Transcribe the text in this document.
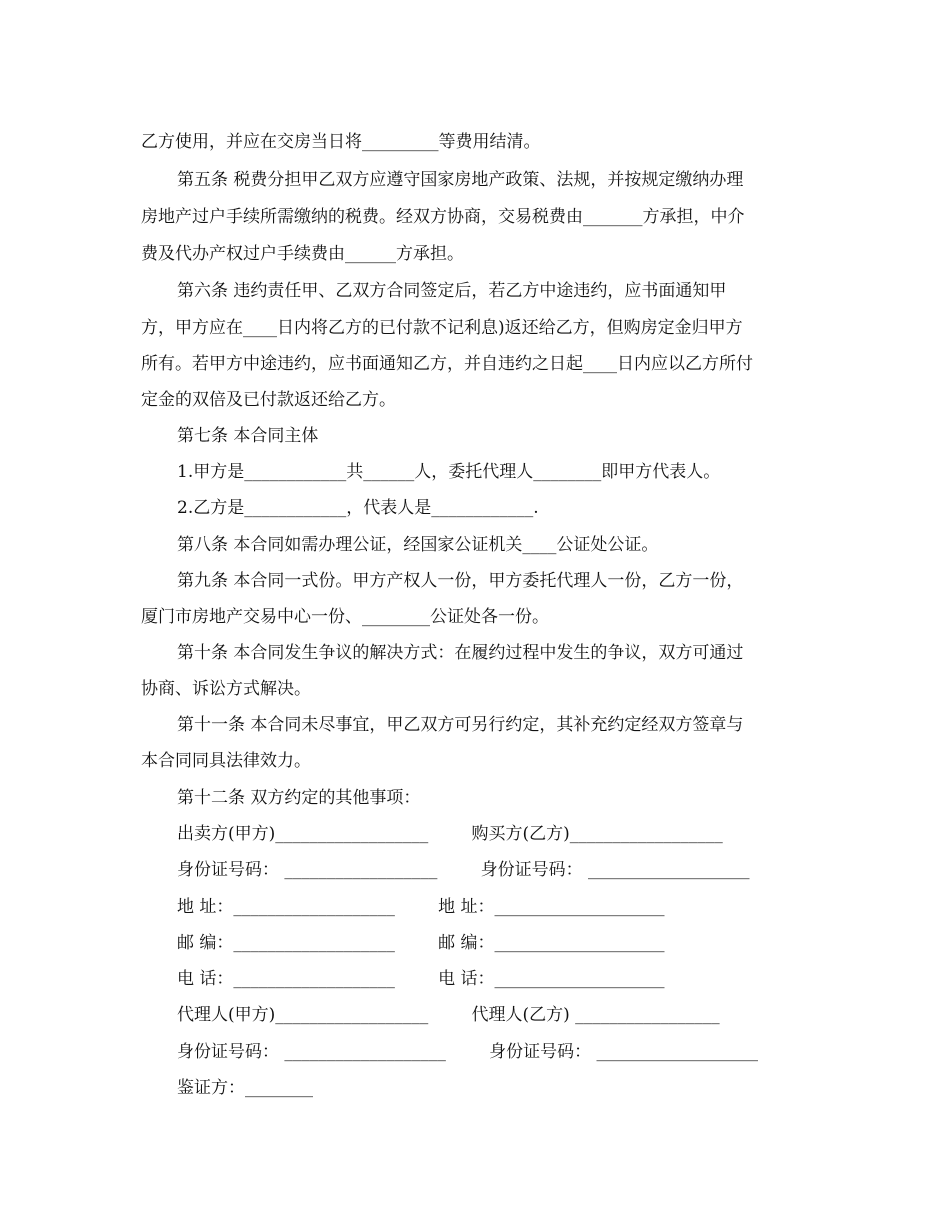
乙方使用，并应在交房当日将_________等费用结清。
第五条 税费分担甲乙双方应遵守国家房地产政策、法规，并按规定缴纳办理
房地产过户手续所需缴纳的税费。经双方协商，交易税费由_______方承担，中介
费及代办产权过户手续费由______方承担。
第六条 违约责任甲、乙双方合同签定后，若乙方中途违约，应书面通知甲
方，甲方应在____日内将乙方的已付款不记利息)返还给乙方，但购房定金归甲方
所有。若甲方中途违约，应书面通知乙方，并自违约之日起____日内应以乙方所付
定金的双倍及已付款返还给乙方。
第七条 本合同主体
1.甲方是____________共______人，委托代理人________即甲方代表人。
2.乙方是____________，代表人是____________.
第八条 本合同如需办理公证，经国家公证机关____公证处公证。
第九条 本合同一式份。甲方产权人一份，甲方委托代理人一份，乙方一份，
厦门市房地产交易中心一份、________公证处各一份。
第十条 本合同发生争议的解决方式：在履约过程中发生的争议，双方可通过
协商、诉讼方式解决。
第十一条 本合同未尽事宜，甲乙双方可另行约定，其补充约定经双方签章与
本合同同具法律效力。
第十二条 双方约定的其他事项：
出卖方(甲方)__________________        购买方(乙方)__________________
身份证号码： __________________        身份证号码： ___________________
地 址：___________________        地 址：____________________
邮 编：___________________        邮 编：____________________
电 话：___________________        电 话：____________________
代理人(甲方)__________________        代理人(乙方) _________________
身份证号码： ___________________        身份证号码： ___________________
鉴证方：________
